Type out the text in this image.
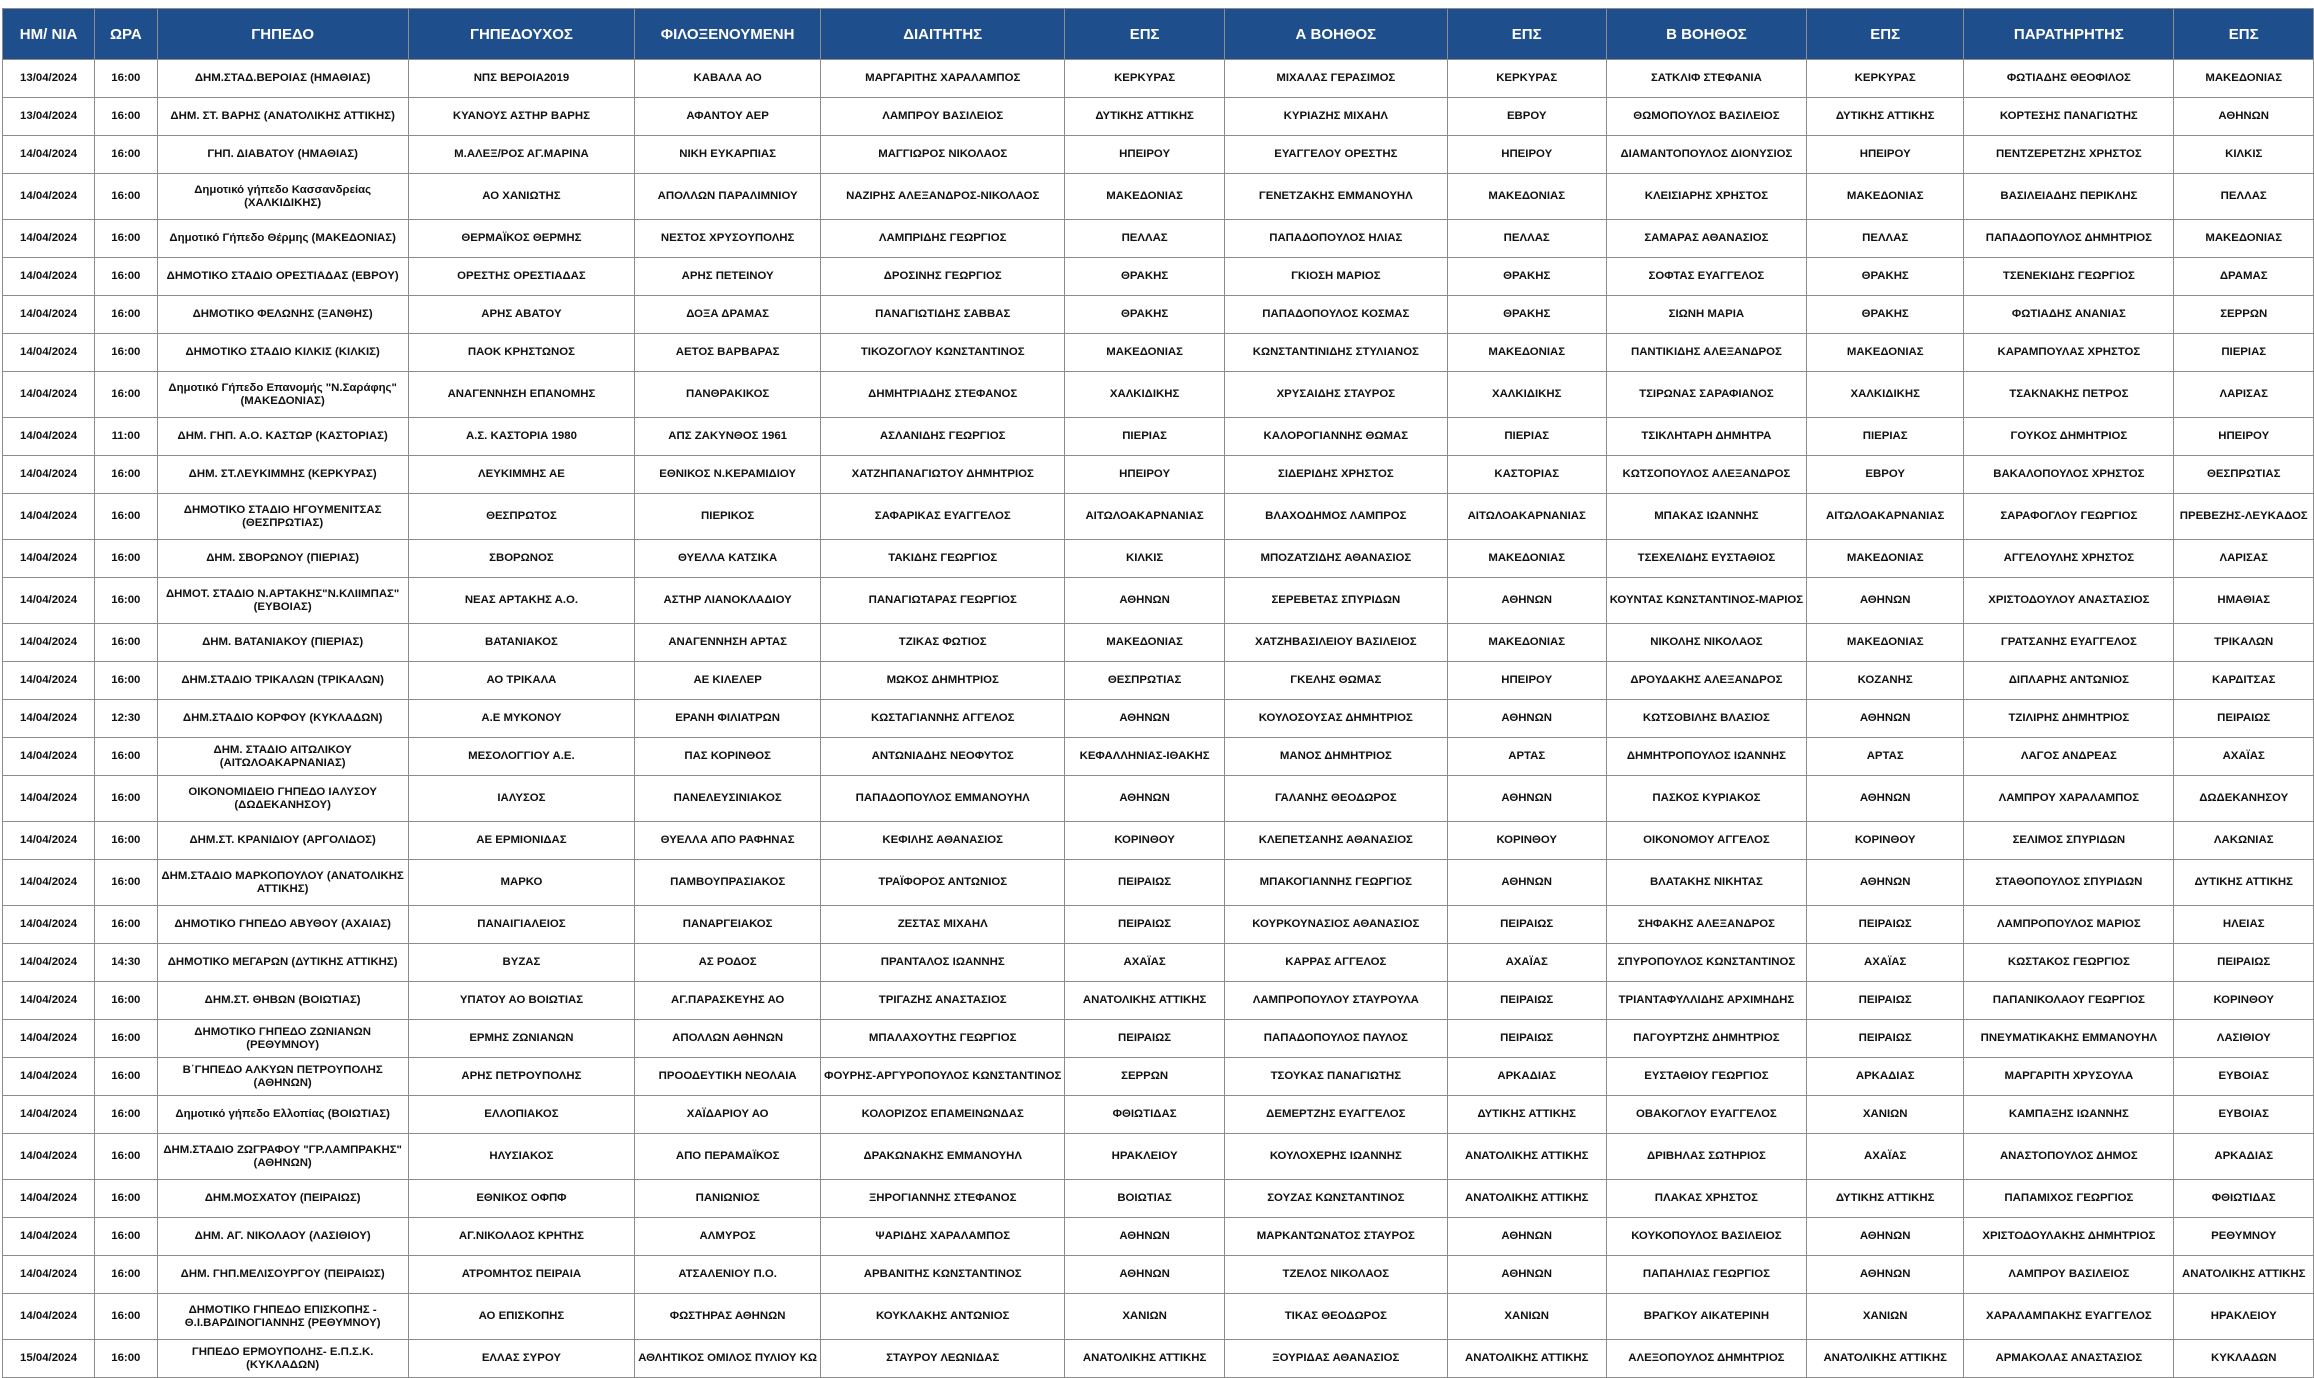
ΗΜ/ ΝΙΑ	ΩΡΑ	ΓΗΠΕΔΟ	ΓΗΠΕΔΟΥΧΟΣ	ΦΙΛΟΞΕΝΟΥΜΕΝΗ	ΔΙΑΙΤΗΤΗΣ	ΕΠΣ	Α ΒΟΗΘΟΣ	ΕΠΣ	Β ΒΟΗΘΟΣ	ΕΠΣ	ΠΑΡΑΤΗΡΗΤΗΣ	ΕΠΣ
13/04/2024	16:00	ΔΗΜ.ΣΤΑΔ.ΒΕΡΟΙΑΣ (ΗΜΑΘΙΑΣ)	ΝΠΣ ΒΕΡΟΙΑ2019	ΚΑΒΑΛΑ ΑΟ	ΜΑΡΓΑΡΙΤΗΣ ΧΑΡΑΛΑΜΠΟΣ	ΚΕΡΚΥΡΑΣ	ΜΙΧΑΛΑΣ ΓΕΡΑΣΙΜΟΣ	ΚΕΡΚΥΡΑΣ	ΣΑΤΚΛΙΦ ΣΤΕΦΑΝΙΑ	ΚΕΡΚΥΡΑΣ	ΦΩΤΙΑΔΗΣ ΘΕΟΦΙΛΟΣ	ΜΑΚΕΔΟΝΙΑΣ
13/04/2024	16:00	ΔΗΜ. ΣΤ. ΒΑΡΗΣ (ΑΝΑΤΟΛΙΚΗΣ ΑΤΤΙΚΗΣ)	ΚΥΑΝΟΥΣ ΑΣΤΗΡ ΒΑΡΗΣ	ΑΦΑΝΤΟΥ ΑΕΡ	ΛΑΜΠΡΟΥ ΒΑΣΙΛΕΙΟΣ	ΔΥΤΙΚΗΣ ΑΤΤΙΚΗΣ	ΚΥΡΙΑΖΗΣ ΜΙΧΑΗΛ	ΕΒΡΟΥ	ΘΩΜΟΠΟΥΛΟΣ ΒΑΣΙΛΕΙΟΣ	ΔΥΤΙΚΗΣ ΑΤΤΙΚΗΣ	ΚΟΡΤΕΣΗΣ ΠΑΝΑΓΙΩΤΗΣ	ΑΘΗΝΩΝ
14/04/2024	16:00	ΓΗΠ. ΔΙΑΒΑΤΟΥ (ΗΜΑΘΙΑΣ)	Μ.ΑΛΕΞ/ΡΟΣ ΑΓ.ΜΑΡΙΝΑ	ΝΙΚΗ ΕΥΚΑΡΠΙΑΣ	ΜΑΓΓΙΩΡΟΣ ΝΙΚΟΛΑΟΣ	ΗΠΕΙΡΟΥ	ΕΥΑΓΓΕΛΟΥ ΟΡΕΣΤΗΣ	ΗΠΕΙΡΟΥ	ΔΙΑΜΑΝΤΟΠΟΥΛΟΣ ΔΙΟΝΥΣΙΟΣ	ΗΠΕΙΡΟΥ	ΠΕΝΤΖΕΡΕΤΖΗΣ ΧΡΗΣΤΟΣ	ΚΙΛΚΙΣ
14/04/2024	16:00	Δημοτικό γήπεδο Κασσανδρείας (ΧΑΛΚΙΔΙΚΗΣ)	ΑΟ ΧΑΝΙΩΤΗΣ	ΑΠΟΛΛΩΝ ΠΑΡΑΛΙΜΝΙΟΥ	ΝΑΖΙΡΗΣ ΑΛΕΞΑΝΔΡΟΣ-ΝΙΚΟΛΑΟΣ	ΜΑΚΕΔΟΝΙΑΣ	ΓΕΝΕΤΖΑΚΗΣ ΕΜΜΑΝΟΥΗΛ	ΜΑΚΕΔΟΝΙΑΣ	ΚΛΕΙΣΙΑΡΗΣ ΧΡΗΣΤΟΣ	ΜΑΚΕΔΟΝΙΑΣ	ΒΑΣΙΛΕΙΑΔΗΣ ΠΕΡΙΚΛΗΣ	ΠΕΛΛΑΣ
14/04/2024	16:00	Δημοτικό Γήπεδο Θέρμης (ΜΑΚΕΔΟΝΙΑΣ)	ΘΕΡΜΑΪΚΟΣ ΘΕΡΜΗΣ	ΝΕΣΤΟΣ ΧΡΥΣΟΥΠΟΛΗΣ	ΛΑΜΠΡΙΔΗΣ ΓΕΩΡΓΙΟΣ	ΠΕΛΛΑΣ	ΠΑΠΑΔΟΠΟΥΛΟΣ ΗΛΙΑΣ	ΠΕΛΛΑΣ	ΣΑΜΑΡΑΣ ΑΘΑΝΑΣΙΟΣ	ΠΕΛΛΑΣ	ΠΑΠΑΔΟΠΟΥΛΟΣ ΔΗΜΗΤΡΙΟΣ	ΜΑΚΕΔΟΝΙΑΣ
14/04/2024	16:00	ΔΗΜΟΤΙΚΟ ΣΤΑΔΙΟ ΟΡΕΣΤΙΑΔΑΣ (ΕΒΡΟΥ)	ΟΡΕΣΤΗΣ ΟΡΕΣΤΙΑΔΑΣ	ΑΡΗΣ ΠΕΤΕΙΝΟΥ	ΔΡΟΣΙΝΗΣ ΓΕΩΡΓΙΟΣ	ΘΡΑΚΗΣ	ΓΚΙΟΣΗ ΜΑΡΙΟΣ	ΘΡΑΚΗΣ	ΣΟΦΤΑΣ ΕΥΑΓΓΕΛΟΣ	ΘΡΑΚΗΣ	ΤΣΕΝΕΚΙΔΗΣ ΓΕΩΡΓΙΟΣ	ΔΡΑΜΑΣ
14/04/2024	16:00	ΔΗΜΟΤΙΚΟ ΦΕΛΩΝΗΣ (ΞΑΝΘΗΣ)	ΑΡΗΣ ΑΒΑΤΟΥ	ΔΟΞΑ ΔΡΑΜΑΣ	ΠΑΝΑΓΙΩΤΙΔΗΣ ΣΑΒΒΑΣ	ΘΡΑΚΗΣ	ΠΑΠΑΔΟΠΟΥΛΟΣ ΚΟΣΜΑΣ	ΘΡΑΚΗΣ	ΣΙΩΝΗ ΜΑΡΙΑ	ΘΡΑΚΗΣ	ΦΩΤΙΑΔΗΣ ΑΝΑΝΙΑΣ	ΣΕΡΡΩΝ
14/04/2024	16:00	ΔΗΜΟΤΙΚΟ ΣΤΑΔΙΟ ΚΙΛΚΙΣ (ΚΙΛΚΙΣ)	ΠΑΟΚ ΚΡΗΣΤΩΝΟΣ	ΑΕΤΟΣ ΒΑΡΒΑΡΑΣ	ΤΙΚΟΖΟΓΛΟΥ ΚΩΝΣΤΑΝΤΙΝΟΣ	ΜΑΚΕΔΟΝΙΑΣ	ΚΩΝΣΤΑΝΤΙΝΙΔΗΣ ΣΤΥΛΙΑΝΟΣ	ΜΑΚΕΔΟΝΙΑΣ	ΠΑΝΤΙΚΙΔΗΣ ΑΛΕΞΑΝΔΡΟΣ	ΜΑΚΕΔΟΝΙΑΣ	ΚΑΡΑΜΠΟΥΛΑΣ ΧΡΗΣΤΟΣ	ΠΙΕΡΙΑΣ
14/04/2024	16:00	Δημοτικό Γήπεδο Επανομής "Ν.Σαράφης" (ΜΑΚΕΔΟΝΙΑΣ)	ΑΝΑΓΕΝΝΗΣΗ ΕΠΑΝΟΜΗΣ	ΠΑΝΘΡΑΚΙΚΟΣ	ΔΗΜΗΤΡΙΑΔΗΣ ΣΤΕΦΑΝΟΣ	ΧΑΛΚΙΔΙΚΗΣ	ΧΡΥΣΑΙΔΗΣ ΣΤΑΥΡΟΣ	ΧΑΛΚΙΔΙΚΗΣ	ΤΣΙΡΩΝΑΣ ΣΑΡΑΦΙΑΝΟΣ	ΧΑΛΚΙΔΙΚΗΣ	ΤΣΑΚΝΑΚΗΣ ΠΕΤΡΟΣ	ΛΑΡΙΣΑΣ
14/04/2024	11:00	ΔΗΜ. ΓΗΠ. Α.Ο. ΚΑΣΤΩΡ (ΚΑΣΤΟΡΙΑΣ)	Α.Σ. ΚΑΣΤΟΡΙΑ 1980	ΑΠΣ ΖΑΚΥΝΘΟΣ 1961	ΑΣΛΑΝΙΔΗΣ ΓΕΩΡΓΙΟΣ	ΠΙΕΡΙΑΣ	ΚΑΛΟΡΟΓΙΑΝΝΗΣ ΘΩΜΑΣ	ΠΙΕΡΙΑΣ	ΤΣΙΚΛΗΤΑΡΗ ΔΗΜΗΤΡΑ	ΠΙΕΡΙΑΣ	ΓΟΥΚΟΣ ΔΗΜΗΤΡΙΟΣ	ΗΠΕΙΡΟΥ
14/04/2024	16:00	ΔΗΜ. ΣΤ.ΛΕΥΚΙΜΜΗΣ (ΚΕΡΚΥΡΑΣ)	ΛΕΥΚΙΜΜΗΣ ΑΕ	ΕΘΝΙΚΟΣ Ν.ΚΕΡΑΜΙΔΙΟΥ	ΧΑΤΖΗΠΑΝΑΓΙΩΤΟΥ ΔΗΜΗΤΡΙΟΣ	ΗΠΕΙΡΟΥ	ΣΙΔΕΡΙΔΗΣ ΧΡΗΣΤΟΣ	ΚΑΣΤΟΡΙΑΣ	ΚΩΤΣΟΠΟΥΛΟΣ ΑΛΕΞΑΝΔΡΟΣ	ΕΒΡΟΥ	ΒΑΚΑΛΟΠΟΥΛΟΣ ΧΡΗΣΤΟΣ	ΘΕΣΠΡΩΤΙΑΣ
14/04/2024	16:00	ΔΗΜΟΤΙΚΟ ΣΤΑΔΙΟ ΗΓΟΥΜΕΝΙΤΣΑΣ (ΘΕΣΠΡΩΤΙΑΣ)	ΘΕΣΠΡΩΤΟΣ	ΠΙΕΡΙΚΟΣ	ΣΑΦΑΡΙΚΑΣ ΕΥΑΓΓΕΛΟΣ	ΑΙΤΩΛΟΑΚΑΡΝΑΝΙΑΣ	ΒΛΑΧΟΔΗΜΟΣ ΛΑΜΠΡΟΣ	ΑΙΤΩΛΟΑΚΑΡΝΑΝΙΑΣ	ΜΠΑΚΑΣ ΙΩΑΝΝΗΣ	ΑΙΤΩΛΟΑΚΑΡΝΑΝΙΑΣ	ΣΑΡΑΦΟΓΛΟΥ ΓΕΩΡΓΙΟΣ	ΠΡΕΒΕΖΗΣ-ΛΕΥΚΑΔΟΣ
14/04/2024	16:00	ΔΗΜ. ΣΒΟΡΩΝΟΥ (ΠΙΕΡΙΑΣ)	ΣΒΟΡΩΝΟΣ	ΘΥΕΛΛΑ ΚΑΤΣΙΚΑ	ΤΑΚΙΔΗΣ ΓΕΩΡΓΙΟΣ	ΚΙΛΚΙΣ	ΜΠΟΖΑΤΖΙΔΗΣ ΑΘΑΝΑΣΙΟΣ	ΜΑΚΕΔΟΝΙΑΣ	ΤΣΕΧΕΛΙΔΗΣ ΕΥΣΤΑΘΙΟΣ	ΜΑΚΕΔΟΝΙΑΣ	ΑΓΓΕΛΟΥΛΗΣ ΧΡΗΣΤΟΣ	ΛΑΡΙΣΑΣ
14/04/2024	16:00	ΔΗΜΟΤ. ΣΤΑΔΙΟ Ν.ΑΡΤΑΚΗΣ"Ν.ΚΛΙΙΜΠΑΣ" (ΕΥΒΟΙΑΣ)	ΝΕΑΣ ΑΡΤΑΚΗΣ Α.Ο.	ΑΣΤΗΡ ΛΙΑΝΟΚΛΑΔΙΟΥ	ΠΑΝΑΓΙΩΤΑΡΑΣ ΓΕΩΡΓΙΟΣ	ΑΘΗΝΩΝ	ΣΕΡΕΒΕΤΑΣ ΣΠΥΡΙΔΩΝ	ΑΘΗΝΩΝ	ΚΟΥΝΤΑΣ ΚΩΝΣΤΑΝΤΙΝΟΣ-ΜΑΡΙΟΣ	ΑΘΗΝΩΝ	ΧΡΙΣΤΟΔΟΥΛΟΥ ΑΝΑΣΤΑΣΙΟΣ	ΗΜΑΘΙΑΣ
14/04/2024	16:00	ΔΗΜ. ΒΑΤΑΝΙΑΚΟΥ (ΠΙΕΡΙΑΣ)	ΒΑΤΑΝΙΑΚΟΣ	ΑΝΑΓΕΝΝΗΣΗ ΑΡΤΑΣ	ΤΖΙΚΑΣ ΦΩΤΙΟΣ	ΜΑΚΕΔΟΝΙΑΣ	ΧΑΤΖΗΒΑΣΙΛΕΙΟΥ ΒΑΣΙΛΕΙΟΣ	ΜΑΚΕΔΟΝΙΑΣ	ΝΙΚΟΛΗΣ ΝΙΚΟΛΑΟΣ	ΜΑΚΕΔΟΝΙΑΣ	ΓΡΑΤΣΑΝΗΣ ΕΥΑΓΓΕΛΟΣ	ΤΡΙΚΑΛΩΝ
14/04/2024	16:00	ΔΗΜ.ΣΤΑΔΙΟ ΤΡΙΚΑΛΩΝ (ΤΡΙΚΑΛΩΝ)	ΑΟ ΤΡΙΚΑΛΑ	ΑΕ ΚΙΛΕΛΕΡ	ΜΩΚΟΣ ΔΗΜΗΤΡΙΟΣ	ΘΕΣΠΡΩΤΙΑΣ	ΓΚΕΛΗΣ ΘΩΜΑΣ	ΗΠΕΙΡΟΥ	ΔΡΟΥΔΑΚΗΣ ΑΛΕΞΑΝΔΡΟΣ	ΚΟΖΑΝΗΣ	ΔΙΠΛΑΡΗΣ ΑΝΤΩΝΙΟΣ	ΚΑΡΔΙΤΣΑΣ
14/04/2024	12:30	ΔΗΜ.ΣΤΑΔΙΟ ΚΟΡΦΟΥ (ΚΥΚΛΑΔΩΝ)	Α.Ε ΜΥΚΟΝΟΥ	ΕΡΑΝΗ ΦΙΛΙΑΤΡΩΝ	ΚΩΣΤΑΓΙΑΝΝΗΣ ΑΓΓΕΛΟΣ	ΑΘΗΝΩΝ	ΚΟΥΛΟΣΟΥΣΑΣ ΔΗΜΗΤΡΙΟΣ	ΑΘΗΝΩΝ	ΚΩΤΣΟΒΙΛΗΣ ΒΛΑΣΙΟΣ	ΑΘΗΝΩΝ	ΤΖΙΛΙΡΗΣ ΔΗΜΗΤΡΙΟΣ	ΠΕΙΡΑΙΩΣ
14/04/2024	16:00	ΔΗΜ. ΣΤΑΔΙΟ ΑΙΤΩΛΙΚΟΥ (ΑΙΤΩΛΟΑΚΑΡΝΑΝΙΑΣ)	ΜΕΣΟΛΟΓΓΙΟΥ Α.Ε.	ΠΑΣ ΚΟΡΙΝΘΟΣ	ΑΝΤΩΝΙΑΔΗΣ ΝΕΟΦΥΤΟΣ	ΚΕΦΑΛΛΗΝΙΑΣ-ΙΘΑΚΗΣ	ΜΑΝΟΣ ΔΗΜΗΤΡΙΟΣ	ΑΡΤΑΣ	ΔΗΜΗΤΡΟΠΟΥΛΟΣ ΙΩΑΝΝΗΣ	ΑΡΤΑΣ	ΛΑΓΟΣ ΑΝΔΡΕΑΣ	ΑΧΑΪΑΣ
14/04/2024	16:00	ΟΙΚΟΝΟΜΙΔΕΙΟ ΓΗΠΕΔΟ ΙΑΛΥΣΟΥ (ΔΩΔΕΚΑΝΗΣΟΥ)	ΙΑΛΥΣΟΣ	ΠΑΝΕΛΕΥΣΙΝΙΑΚΟΣ	ΠΑΠΑΔΟΠΟΥΛΟΣ ΕΜΜΑΝΟΥΗΛ	ΑΘΗΝΩΝ	ΓΑΛΑΝΗΣ ΘΕΟΔΩΡΟΣ	ΑΘΗΝΩΝ	ΠΑΣΚΟΣ ΚΥΡΙΑΚΟΣ	ΑΘΗΝΩΝ	ΛΑΜΠΡΟΥ ΧΑΡΑΛΑΜΠΟΣ	ΔΩΔΕΚΑΝΗΣΟΥ
14/04/2024	16:00	ΔΗΜ.ΣΤ. ΚΡΑΝΙΔΙΟΥ (ΑΡΓΟΛΙΔΟΣ)	ΑΕ ΕΡΜΙΟΝΙΔΑΣ	ΘΥΕΛΛΑ ΑΠΟ ΡΑΦΗΝΑΣ	ΚΕΦΙΛΗΣ ΑΘΑΝΑΣΙΟΣ	ΚΟΡΙΝΘΟΥ	ΚΛΕΠΕΤΣΑΝΗΣ ΑΘΑΝΑΣΙΟΣ	ΚΟΡΙΝΘΟΥ	ΟΙΚΟΝΟΜΟΥ ΑΓΓΕΛΟΣ	ΚΟΡΙΝΘΟΥ	ΣΕΛΙΜΟΣ ΣΠΥΡΙΔΩΝ	ΛΑΚΩΝΙΑΣ
14/04/2024	16:00	ΔΗΜ.ΣΤΑΔΙΟ ΜΑΡΚΟΠΟΥΛΟΥ (ΑΝΑΤΟΛΙΚΗΣ ΑΤΤΙΚΗΣ)	ΜΑΡΚΟ	ΠΑΜΒΟΥΠΡΑΣΙΑΚΟΣ	ΤΡΑΪΦΟΡΟΣ ΑΝΤΩΝΙΟΣ	ΠΕΙΡΑΙΩΣ	ΜΠΑΚΟΓΙΑΝΝΗΣ ΓΕΩΡΓΙΟΣ	ΑΘΗΝΩΝ	ΒΛΑΤΑΚΗΣ ΝΙΚΗΤΑΣ	ΑΘΗΝΩΝ	ΣΤΑΘΟΠΟΥΛΟΣ ΣΠΥΡΙΔΩΝ	ΔΥΤΙΚΗΣ ΑΤΤΙΚΗΣ
14/04/2024	16:00	ΔΗΜΟΤΙΚΟ ΓΗΠΕΔΟ ΑΒΥΘΟΥ (ΑΧΑΙΑΣ)	ΠΑΝΑΙΓΙΑΛΕΙΟΣ	ΠΑΝΑΡΓΕΙΑΚΟΣ	ΖΕΣΤΑΣ ΜΙΧΑΗΛ	ΠΕΙΡΑΙΩΣ	ΚΟΥΡΚΟΥΝΑΣΙΟΣ ΑΘΑΝΑΣΙΟΣ	ΠΕΙΡΑΙΩΣ	ΣΗΦΑΚΗΣ ΑΛΕΞΑΝΔΡΟΣ	ΠΕΙΡΑΙΩΣ	ΛΑΜΠΡΟΠΟΥΛΟΣ ΜΑΡΙΟΣ	ΗΛΕΙΑΣ
14/04/2024	14:30	ΔΗΜΟΤΙΚΟ ΜΕΓΑΡΩΝ (ΔΥΤΙΚΗΣ ΑΤΤΙΚΗΣ)	ΒΥΖΑΣ	ΑΣ ΡΟΔΟΣ	ΠΡΑΝΤΑΛΟΣ ΙΩΑΝΝΗΣ	ΑΧΑΪΑΣ	ΚΑΡΡΑΣ ΑΓΓΕΛΟΣ	ΑΧΑΪΑΣ	ΣΠΥΡΟΠΟΥΛΟΣ ΚΩΝΣΤΑΝΤΙΝΟΣ	ΑΧΑΪΑΣ	ΚΩΣΤΑΚΟΣ ΓΕΩΡΓΙΟΣ	ΠΕΙΡΑΙΩΣ
14/04/2024	16:00	ΔΗΜ.ΣΤ. ΘΗΒΩΝ (ΒΟΙΩΤΙΑΣ)	ΥΠΑΤΟΥ ΑΟ ΒΟΙΩΤΙΑΣ	ΑΓ.ΠΑΡΑΣΚΕΥΗΣ ΑΟ	ΤΡΙΓΑΖΗΣ ΑΝΑΣΤΑΣΙΟΣ	ΑΝΑΤΟΛΙΚΗΣ ΑΤΤΙΚΗΣ	ΛΑΜΠΡΟΠΟΥΛΟΥ ΣΤΑΥΡΟΥΛΑ	ΠΕΙΡΑΙΩΣ	ΤΡΙΑΝΤΑΦΥΛΛΙΔΗΣ ΑΡΧΙΜΗΔΗΣ	ΠΕΙΡΑΙΩΣ	ΠΑΠΑΝΙΚΟΛΑΟΥ ΓΕΩΡΓΙΟΣ	ΚΟΡΙΝΘΟΥ
14/04/2024	16:00	ΔΗΜΟΤΙΚΟ ΓΗΠΕΔΟ ΖΩΝΙΑΝΩΝ (ΡΕΘΥΜΝΟΥ)	ΕΡΜΗΣ ΖΩΝΙΑΝΩΝ	ΑΠΟΛΛΩΝ ΑΘΗΝΩΝ	ΜΠΑΛΑΧΟΥΤΗΣ ΓΕΩΡΓΙΟΣ	ΠΕΙΡΑΙΩΣ	ΠΑΠΑΔΟΠΟΥΛΟΣ ΠΑΥΛΟΣ	ΠΕΙΡΑΙΩΣ	ΠΑΓΟΥΡΤΖΗΣ ΔΗΜΗΤΡΙΟΣ	ΠΕΙΡΑΙΩΣ	ΠΝΕΥΜΑΤΙΚΑΚΗΣ ΕΜΜΑΝΟΥΗΛ	ΛΑΣΙΘΙΟΥ
14/04/2024	16:00	Β΄ΓΗΠΕΔΟ ΑΛΚΥΩΝ ΠΕΤΡΟΥΠΟΛΗΣ (ΑΘΗΝΩΝ)	ΑΡΗΣ ΠΕΤΡΟΥΠΟΛΗΣ	ΠΡΟΟΔΕΥΤΙΚΗ ΝΕΟΛΑΙΑ	ΦΟΥΡΗΣ-ΑΡΓΥΡΟΠΟΥΛΟΣ ΚΩΝΣΤΑΝΤΙΝΟΣ	ΣΕΡΡΩΝ	ΤΣΟΥΚΑΣ ΠΑΝΑΓΙΩΤΗΣ	ΑΡΚΑΔΙΑΣ	ΕΥΣΤΑΘΙΟΥ ΓΕΩΡΓΙΟΣ	ΑΡΚΑΔΙΑΣ	ΜΑΡΓΑΡΙΤΗ ΧΡΥΣΟΥΛΑ	ΕΥΒΟΙΑΣ
14/04/2024	16:00	Δημοτικό γήπεδο Ελλοπίας (ΒΟΙΩΤΙΑΣ)	ΕΛΛΟΠΙΑΚΟΣ	ΧΑΪΔΑΡΙΟΥ ΑΟ	ΚΟΛΟΡΙΖΟΣ ΕΠΑΜΕΙΝΩΝΔΑΣ	ΦΘΙΩΤΙΔΑΣ	ΔΕΜΕΡΤΖΗΣ ΕΥΑΓΓΕΛΟΣ	ΔΥΤΙΚΗΣ ΑΤΤΙΚΗΣ	ΟΒΑΚΟΓΛΟΥ ΕΥΑΓΓΕΛΟΣ	ΧΑΝΙΩΝ	ΚΑΜΠΑΞΗΣ ΙΩΑΝΝΗΣ	ΕΥΒΟΙΑΣ
14/04/2024	16:00	ΔΗΜ.ΣΤΑΔΙΟ ΖΩΓΡΑΦΟΥ "ΓΡ.ΛΑΜΠΡΑΚΗΣ" (ΑΘΗΝΩΝ)	ΗΛΥΣΙΑΚΟΣ	ΑΠΟ ΠΕΡΑΜΑΪΚΟΣ	ΔΡΑΚΩΝΑΚΗΣ ΕΜΜΑΝΟΥΗΛ	ΗΡΑΚΛΕΙΟΥ	ΚΟΥΛΟΧΕΡΗΣ ΙΩΑΝΝΗΣ	ΑΝΑΤΟΛΙΚΗΣ ΑΤΤΙΚΗΣ	ΔΡΙΒΗΛΑΣ ΣΩΤΗΡΙΟΣ	ΑΧΑΪΑΣ	ΑΝΑΣΤΟΠΟΥΛΟΣ ΔΗΜΟΣ	ΑΡΚΑΔΙΑΣ
14/04/2024	16:00	ΔΗΜ.ΜΟΣΧΑΤΟΥ (ΠΕΙΡΑΙΩΣ)	ΕΘΝΙΚΟΣ ΟΦΠΦ	ΠΑΝΙΩΝΙΟΣ	ΞΗΡΟΓΙΑΝΝΗΣ ΣΤΕΦΑΝΟΣ	ΒΟΙΩΤΙΑΣ	ΣΟΥΖΑΣ ΚΩΝΣΤΑΝΤΙΝΟΣ	ΑΝΑΤΟΛΙΚΗΣ ΑΤΤΙΚΗΣ	ΠΛΑΚΑΣ ΧΡΗΣΤΟΣ	ΔΥΤΙΚΗΣ ΑΤΤΙΚΗΣ	ΠΑΠΑΜΙΧΟΣ ΓΕΩΡΓΙΟΣ	ΦΘΙΩΤΙΔΑΣ
14/04/2024	16:00	ΔΗΜ. ΑΓ. ΝΙΚΟΛΑΟΥ (ΛΑΣΙΘΙΟΥ)	ΑΓ.ΝΙΚΟΛΑΟΣ ΚΡΗΤΗΣ	ΑΛΜΥΡΟΣ	ΨΑΡΙΔΗΣ ΧΑΡΑΛΑΜΠΟΣ	ΑΘΗΝΩΝ	ΜΑΡΚΑΝΤΩΝΑΤΟΣ ΣΤΑΥΡΟΣ	ΑΘΗΝΩΝ	ΚΟΥΚΟΠΟΥΛΟΣ ΒΑΣΙΛΕΙΟΣ	ΑΘΗΝΩΝ	ΧΡΙΣΤΟΔΟΥΛΑΚΗΣ ΔΗΜΗΤΡΙΟΣ	ΡΕΘΥΜΝΟΥ
14/04/2024	16:00	ΔΗΜ. ΓΗΠ.ΜΕΛΙΣΟΥΡΓΟΥ (ΠΕΙΡΑΙΩΣ)	ΑΤΡΟΜΗΤΟΣ ΠΕΙΡΑΙΑ	ΑΤΣΑΛΕΝΙΟΥ Π.Ο.	ΑΡΒΑΝΙΤΗΣ ΚΩΝΣΤΑΝΤΙΝΟΣ	ΑΘΗΝΩΝ	ΤΖΕΛΟΣ ΝΙΚΟΛΑΟΣ	ΑΘΗΝΩΝ	ΠΑΠΑΗΛΙΑΣ ΓΕΩΡΓΙΟΣ	ΑΘΗΝΩΝ	ΛΑΜΠΡΟΥ ΒΑΣΙΛΕΙΟΣ	ΑΝΑΤΟΛΙΚΗΣ ΑΤΤΙΚΗΣ
14/04/2024	16:00	ΔΗΜΟΤΙΚΟ ΓΗΠΕΔΟ ΕΠΙΣΚΟΠΗΣ - Θ.Ι.ΒΑΡΔΙΝΟΓΙΑΝΝΗΣ (ΡΕΘΥΜΝΟΥ)	ΑΟ ΕΠΙΣΚΟΠΗΣ	ΦΩΣΤΗΡΑΣ ΑΘΗΝΩΝ	ΚΟΥΚΛΑΚΗΣ ΑΝΤΩΝΙΟΣ	ΧΑΝΙΩΝ	ΤΙΚΑΣ ΘΕΟΔΩΡΟΣ	ΧΑΝΙΩΝ	ΒΡΑΓΚΟΥ ΑΙΚΑΤΕΡΙΝΗ	ΧΑΝΙΩΝ	ΧΑΡΑΛΑΜΠΑΚΗΣ ΕΥΑΓΓΕΛΟΣ	ΗΡΑΚΛΕΙΟΥ
15/04/2024	16:00	ΓΗΠΕΔΟ ΕΡΜΟΥΠΟΛΗΣ- Ε.Π.Σ.Κ. (ΚΥΚΛΑΔΩΝ)	ΕΛΛΑΣ ΣΥΡΟΥ	ΑΘΛΗΤΙΚΟΣ ΟΜΙΛΟΣ ΠΥΛΙΟΥ ΚΩ	ΣΤΑΥΡΟΥ ΛΕΩΝΙΔΑΣ	ΑΝΑΤΟΛΙΚΗΣ ΑΤΤΙΚΗΣ	ΞΟΥΡΙΔΑΣ ΑΘΑΝΑΣΙΟΣ	ΑΝΑΤΟΛΙΚΗΣ ΑΤΤΙΚΗΣ	ΑΛΕΞΟΠΟΥΛΟΣ ΔΗΜΗΤΡΙΟΣ	ΑΝΑΤΟΛΙΚΗΣ ΑΤΤΙΚΗΣ	ΑΡΜΑΚΟΛΑΣ ΑΝΑΣΤΑΣΙΟΣ	ΚΥΚΛΑΔΩΝ
